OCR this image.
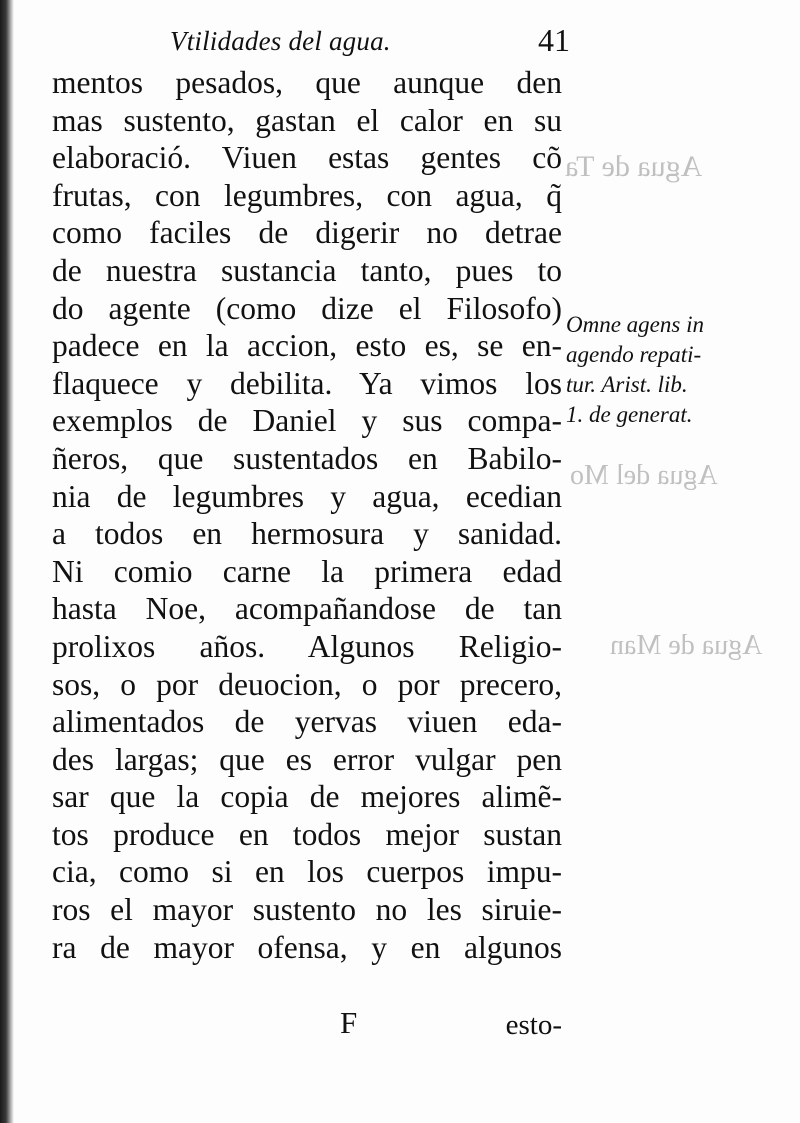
Agua de Ta
Agua del Mo
Agua de Man
Vtilidades del agua.	41
mentos pesados, que aunque den
mas sustento, gastan el calor en su
elaboració. Viuen estas gentes cõ
frutas, con legumbres, con agua, q̃
como faciles de digerir no detrae
de nuestra sustancia tanto, pues to
do agente (como dize el Filosofo)
padece en la accion, esto es, se en-
flaquece y debilita. Ya vimos los
exemplos de Daniel y sus compa-
ñeros, que sustentados en Babilo-
nia de legumbres y agua, ecedian
a todos en hermosura y sanidad.
Ni comio carne la primera edad
hasta Noe, acompañandose de tan
prolixos años. Algunos Religio-
sos, o por deuocion, o por precero,
alimentados de yervas viuen eda-
des largas; que es error vulgar pen
sar que la copia de mejores alimẽ-
tos produce en todos mejor sustan
cia, como si en los cuerpos impu-
ros el mayor sustento no les siruie-
ra de mayor ofensa, y en algunos
Omne agens in
agendo repati-
tur. Arist. lib.
1. de generat.
F	esto-
